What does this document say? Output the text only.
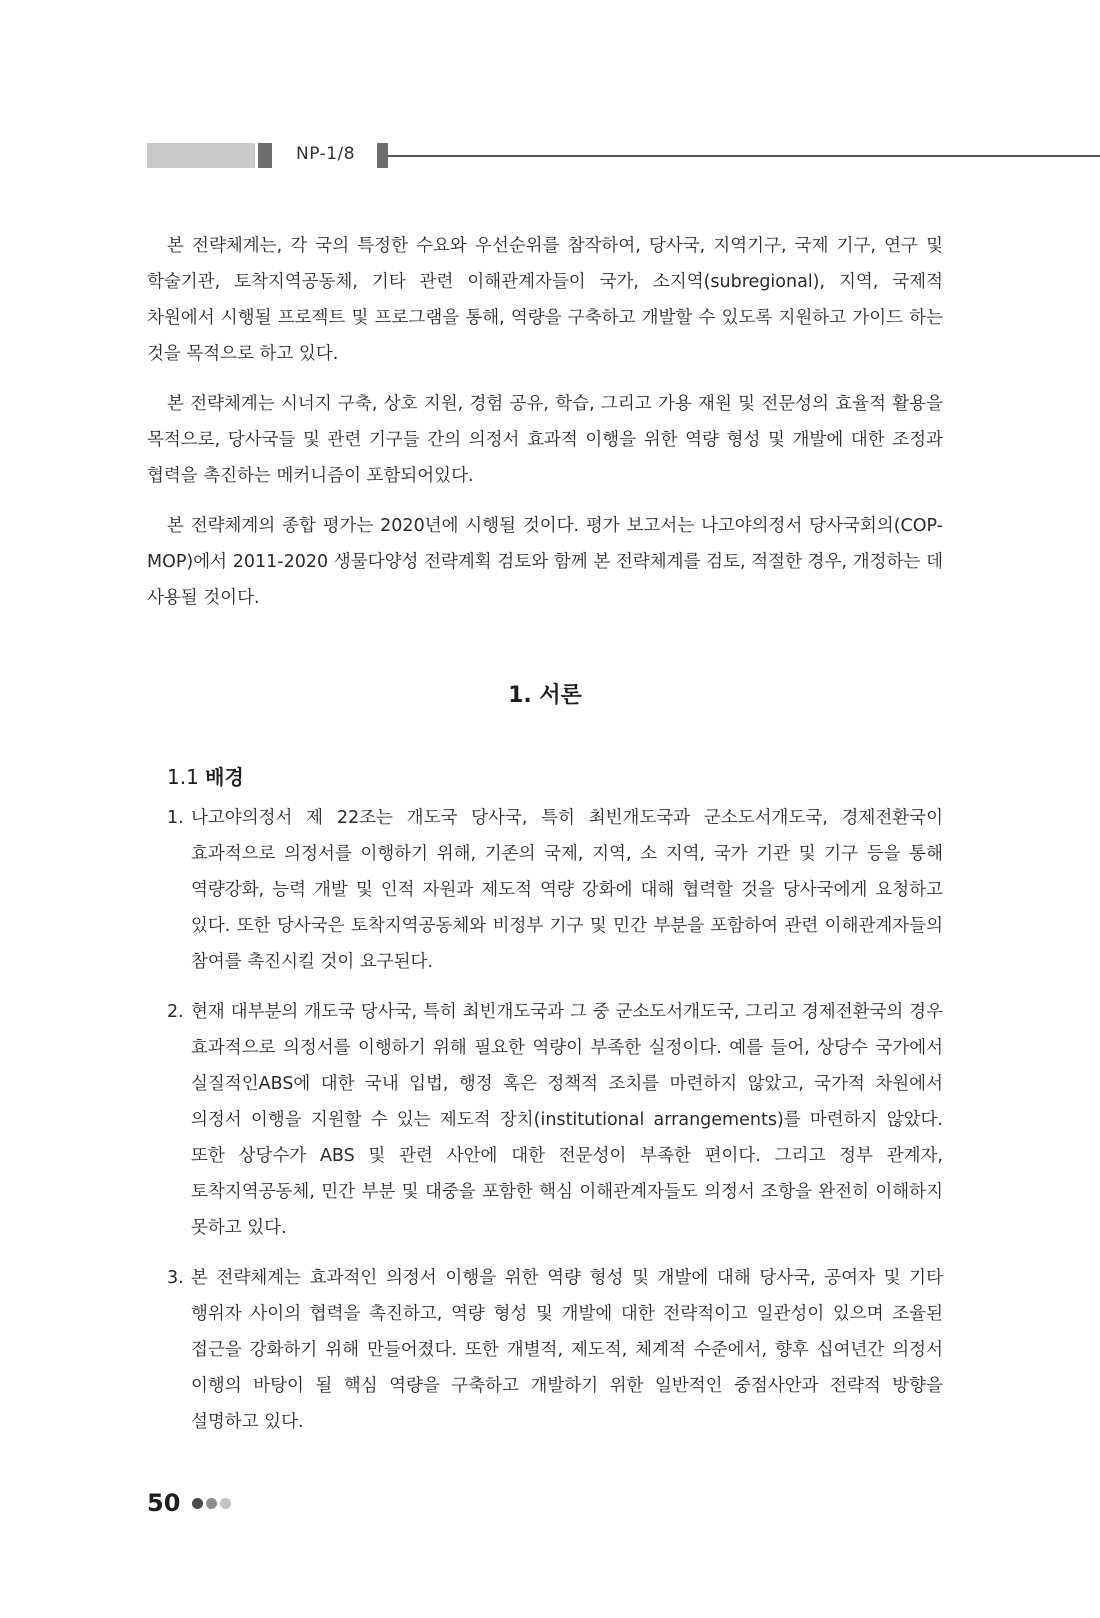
NP-1/8

본 전략체계는, 각 국의 특정한 수요와 우선순위를 참작하여, 당사국, 지역기구, 국제 기구, 연구 및 학술기관, 토착지역공동체, 기타 관련 이해관계자들이 국가, 소지역(subregional), 지역, 국제적 차원에서 시행될 프로젝트 및 프로그램을 통해, 역량을 구축하고 개발할 수 있도록 지원하고 가이드 하는 것을 목적으로 하고 있다.

본 전략체계는 시너지 구축, 상호 지원, 경험 공유, 학습, 그리고 가용 재원 및 전문성의 효율적 활용을 목적으로, 당사국들 및 관련 기구들 간의 의정서 효과적 이행을 위한 역량 형성 및 개발에 대한 조정과 협력을 촉진하는 메커니즘이 포함되어있다.

본 전략체계의 종합 평가는 2020년에 시행될 것이다. 평가 보고서는 나고야의정서 당사국회의(COP-MOP)에서 2011-2020 생물다양성 전략계획 검토와 함께 본 전략체계를 검토, 적절한 경우, 개정하는 데 사용될 것이다.

1. 서론
1.1 배경
1. 나고야의정서 제 22조는 개도국 당사국, 특히 최빈개도국과 군소도서개도국, 경제전환국이 효과적으로 의정서를 이행하기 위해, 기존의 국제, 지역, 소 지역, 국가 기관 및 기구 등을 통해 역량강화, 능력 개발 및 인적 자원과 제도적 역량 강화에 대해 협력할 것을 당사국에게 요청하고 있다. 또한 당사국은 토착지역공동체와 비정부 기구 및 민간 부분을 포함하여 관련 이해관계자들의 참여를 촉진시킬 것이 요구된다.
2. 현재 대부분의 개도국 당사국, 특히 최빈개도국과 그 중 군소도서개도국, 그리고 경제전환국의 경우 효과적으로 의정서를 이행하기 위해 필요한 역량이 부족한 실정이다. 예를 들어, 상당수 국가에서 실질적인ABS에 대한 국내 입법, 행정 혹은 정책적 조치를 마련하지 않았고, 국가적 차원에서 의정서 이행을 지원할 수 있는 제도적 장치(institutional arrangements)를 마련하지 않았다. 또한 상당수가 ABS 및 관련 사안에 대한 전문성이 부족한 편이다. 그리고 정부 관계자, 토착지역공동체, 민간 부분 및 대중을 포함한 핵심 이해관계자들도 의정서 조항을 완전히 이해하지 못하고 있다.
3. 본 전략체계는 효과적인 의정서 이행을 위한 역량 형성 및 개발에 대해 당사국, 공여자 및 기타 행위자 사이의 협력을 촉진하고, 역량 형성 및 개발에 대한 전략적이고 일관성이 있으며 조율된 접근을 강화하기 위해 만들어졌다. 또한 개별적, 제도적, 체계적 수준에서, 향후 십여년간 의정서 이행의 바탕이 될 핵심 역량을 구축하고 개발하기 위한 일반적인 중점사안과 전략적 방향을 설명하고 있다.
50
